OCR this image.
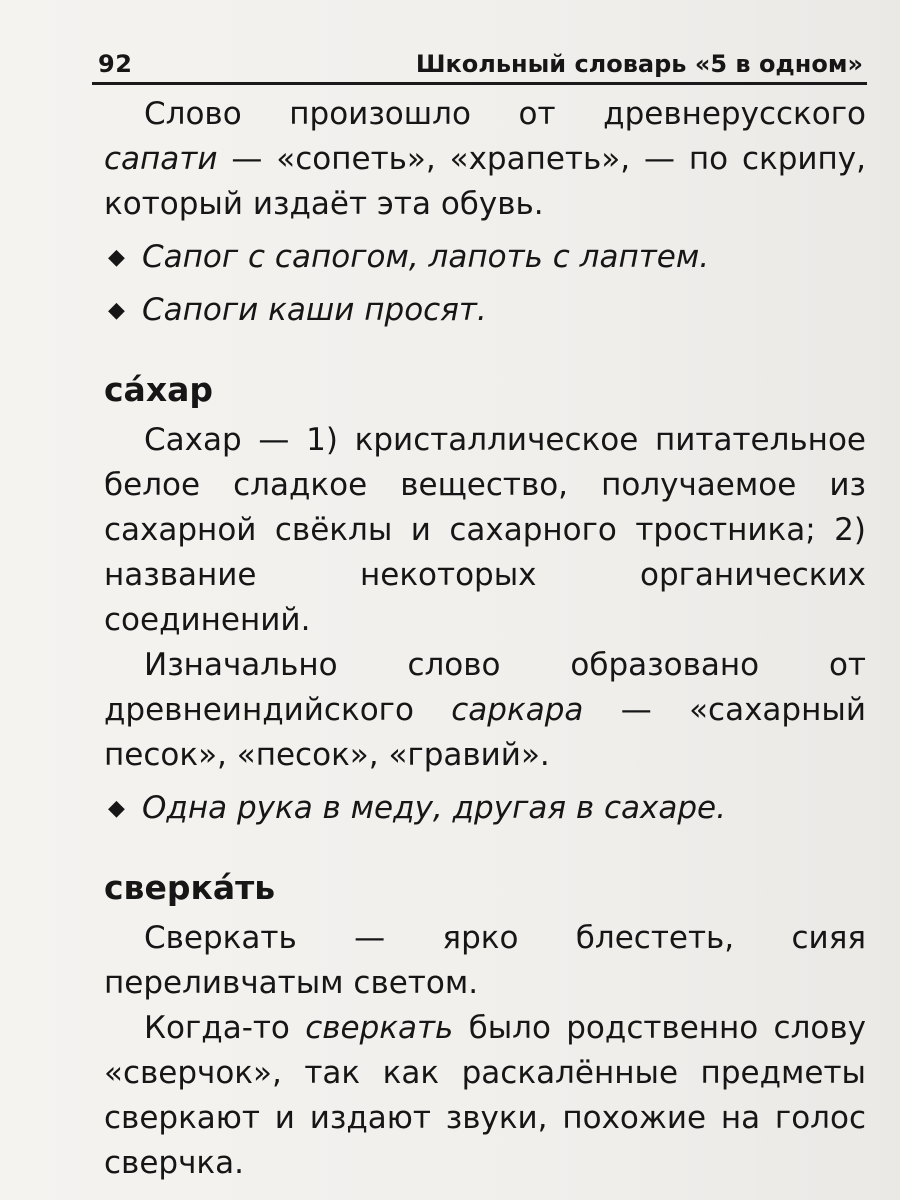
92	Школьный словарь «5 в одном»

Слово произошло от древнерусского сапати — «сопеть», «храпеть», — по скрипу, который издаёт эта обувь.

◆ Сапог с сапогом, лапоть с лаптем.

◆ Сапоги каши просят.

са́хар

Сахар — 1) кристаллическое питательное белое сладкое вещество, получаемое из сахарной свёклы и сахарного тростника; 2) название некоторых органических соединений.

Изначально слово образовано от древнеиндийского саркара — «сахарный песок», «песок», «гравий».

◆ Одна рука в меду, другая в сахаре.

сверка́ть

Сверкать — ярко блестеть, сияя переливчатым светом.

Когда-то сверкать было родственно слову «сверчок», так как раскалённые предметы сверкают и издают звуки, похожие на голос сверчка.
